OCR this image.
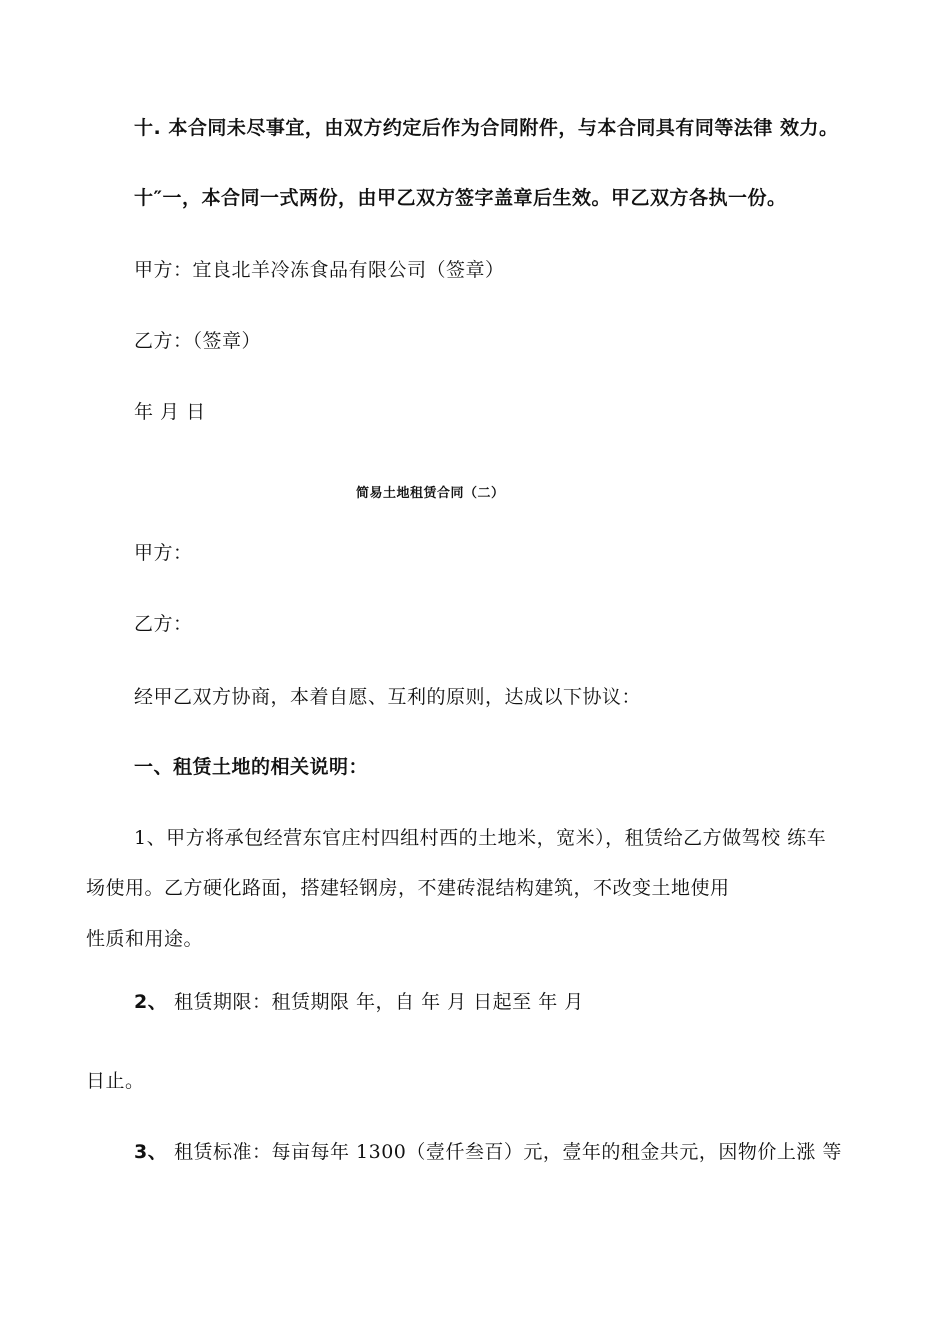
十. 本合同未尽事宜，由双方约定后作为合同附件，与本合同具有同等法律 效力。
十″一，本合同一式两份，由甲乙双方签字盖章后生效。甲乙双方各执一份。
甲方：宜良北羊冷冻食品有限公司（签章）
乙方：（签章）
年 月 日
简易土地租赁合同（二）
甲方：
乙方：
经甲乙双方协商，本着自愿、互利的原则，达成以下协议：
一、租赁土地的相关说明：
1、甲方将承包经营东官庄村四组村西的土地米，宽米），租赁给乙方做驾校 练车
场使用。乙方硬化路面，搭建轻钢房，不建砖混结构建筑，不改变土地使用
性质和用途。
2、 租赁期限：租赁期限 年，自 年 月 日起至 年 月
日止。
3、 租赁标准：每亩每年 1300（壹仟叁百）元，壹年的租金共元，因物价上涨 等
